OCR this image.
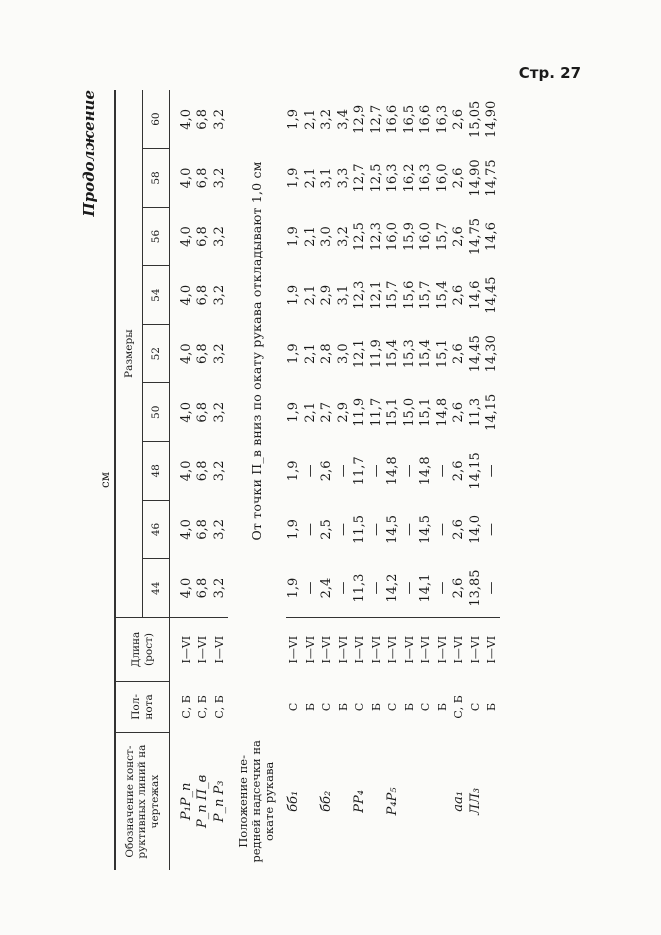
Стр. 27
Продолжение
см
Обозначение конст-руктивных линий на чертежах	Пол-нота	Длина (рост)	Размеры								
			44	46	48	50	52	54	56	58	60

P₁P_п	С, Б	I—VI	4,0	4,0	4,0	4,0	4,0	4,0	4,0	4,0	4,0
P_п П_в	С, Б	I—VI	6,8	6,8	6,8	6,8	6,8	6,8	6,8	6,8	6,8
P_п P₃	С, Б	I—VI	3,2	3,2	3,2	3,2	3,2	3,2	3,2	3,2	3,2
Положение пе-редней надсечки на окате рукава			От точки П_в вниз по окату рукава откладывают 1,0 см								
бб₁	С	I—VI	1,9	1,9	1,9	1,9	1,9	1,9	1,9	1,9	1,9
	Б	I—VI	—	—	—	2,1	2,1	2,1	2,1	2,1	2,1
бб₂	С	I—VI	2,4	2,5	2,6	2,7	2,8	2,9	3,0	3,1	3,2
	Б	I—VI	—	—	—	2,9	3,0	3,1	3,2	3,3	3,4
PP₄	С	I—VI	11,3	11,5	11,7	11,9	12,1	12,3	12,5	12,7	12,9
	Б	I—VI	—	—	—	11,7	11,9	12,1	12,3	12,5	12,7
P₄P₅	С	I—VI	14,2	14,5	14,8	15,1	15,4	15,7	16,0	16,3	16,6
	Б	I—VI	—	—	—	15,0	15,3	15,6	15,9	16,2	16,5
	С	I—VI	14,1	14,5	14,8	15,1	15,4	15,7	16,0	16,3	16,6
	Б	I—VI	—	—	—	14,8	15,1	15,4	15,7	16,0	16,3
аа₁	С, Б	I—VI	2,6	2,6	2,6	2,6	2,6	2,6	2,6	2,6	2,6
ЛЛ₃	С	I—VI	13,85	14,0	14,15	11,3	14,45	14,6	14,75	14,90	15,05
	Б	I—VI	—	—	—	14,15	14,30	14,45	14,6	14,75	14,90
